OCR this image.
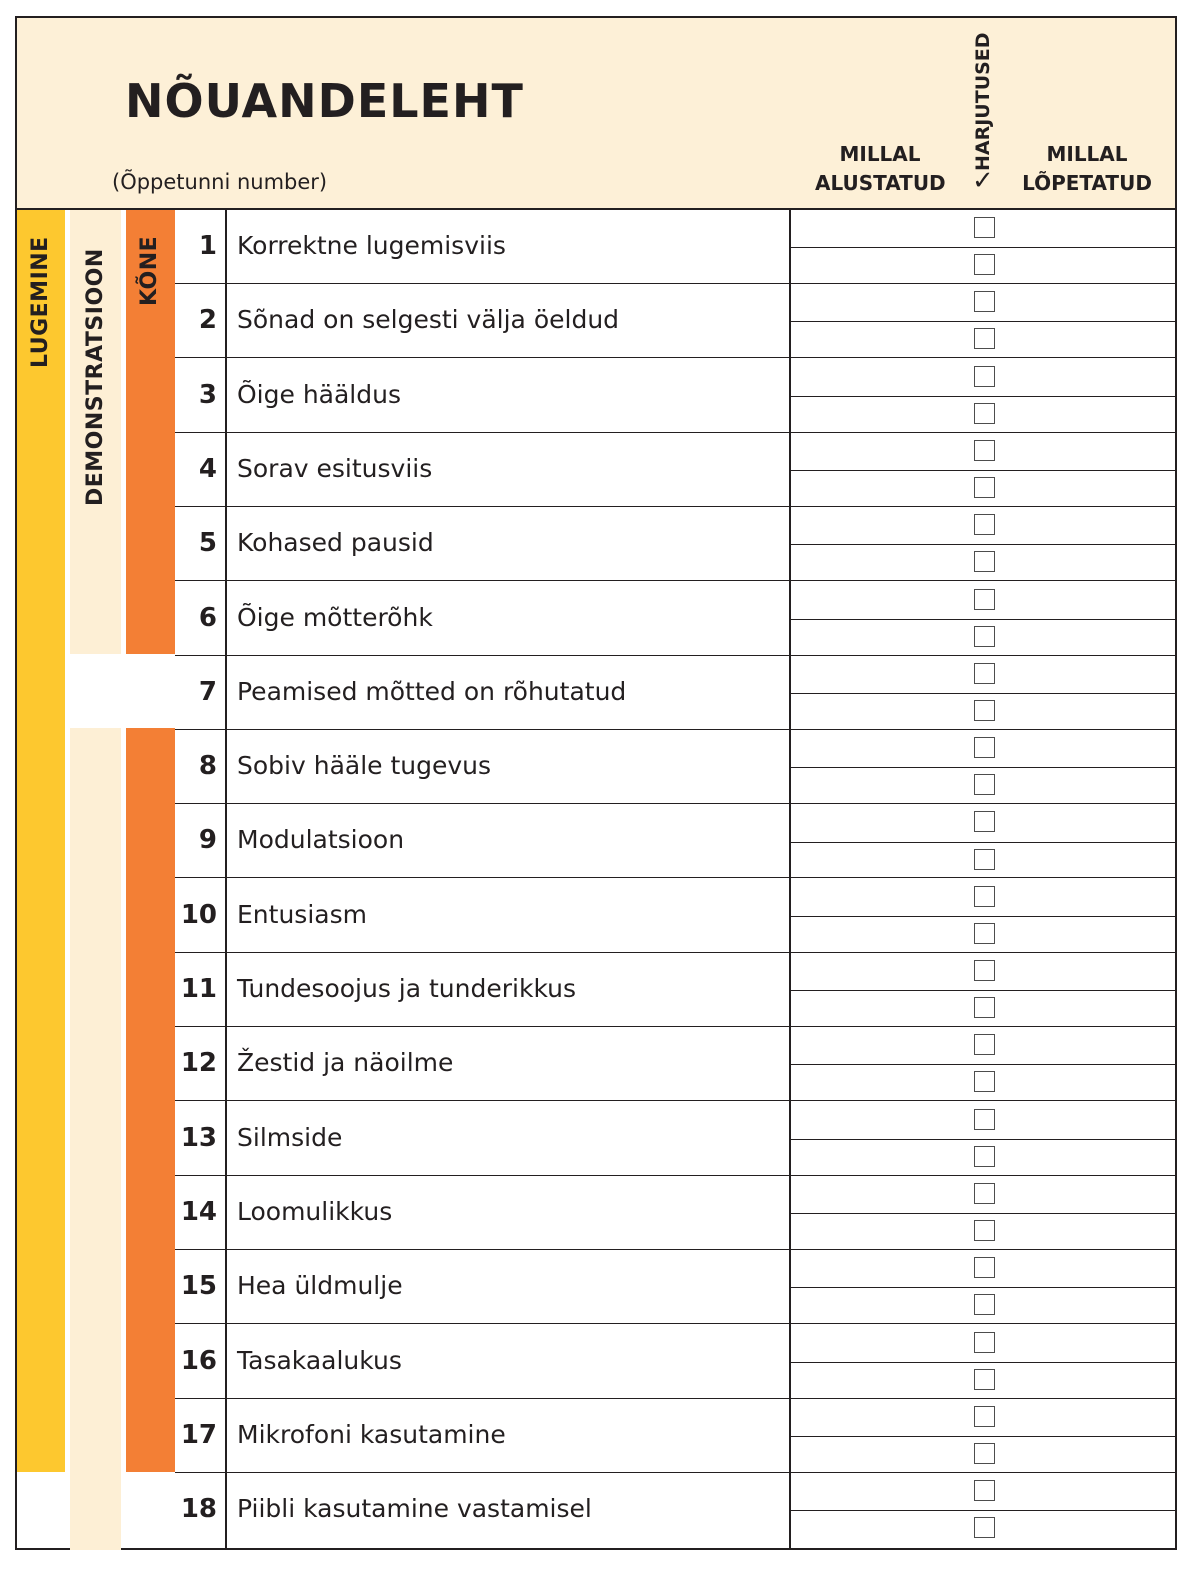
NÕUANDELEHT
(Õppetunni number)
MILLAL
ALUSTATUD
HARJUTUSED
✓
MILLAL
LÕPETATUD
LUGEMINE DEMONSTRATSIOON KÕNE	1 Korrektne lugemisviis
2 Sõnad on selgesti välja öeldud
3 Õige hääldus
4 Sorav esitusviis
5 Kohased pausid
6 Õige mõtterõhk
7 Peamised mõtted on rõhutatud
8 Sobiv hääle tugevus
9 Modulatsioon
10 Entusiasm
11 Tundesoojus ja tunderikkus
12 Žestid ja näoilme
13 Silmside
14 Loomulikkus
15 Hea üldmulje
16 Tasakaalukus
17 Mikrofoni kasutamine
18 Piibli kasutamine vastamisel
